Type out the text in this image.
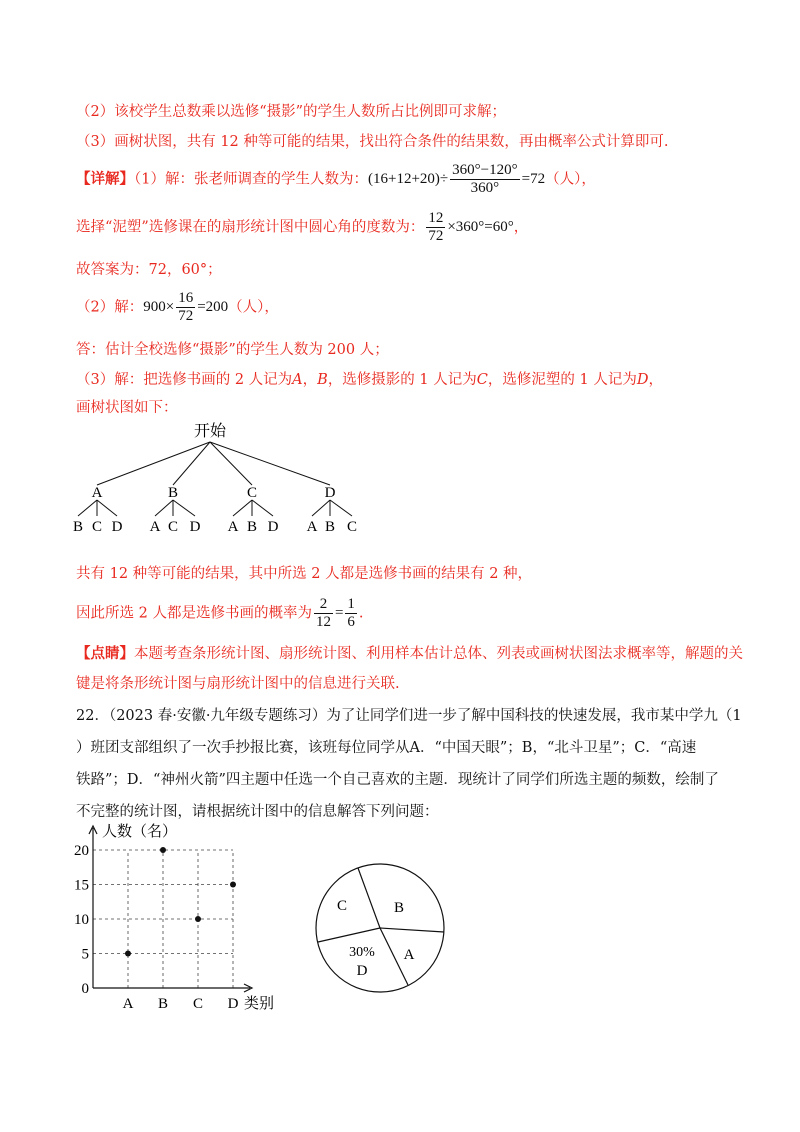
（2）该校学生总数乘以选修“摄影”的学生人数所占比例即可求解；
（3）画树状图，共有 12 种等可能的结果，找出符合条件的结果数，再由概率公式计算即可.
【详解】（1）解：张老师调查的学生人数为： $(16+12+20)\div \frac{360^\circ-120^\circ}{360^\circ} =72$ （人），
选择“泥塑”选修课在的扇形统计图中圆心角的度数为： $\frac{12}{72} \times 360^\circ=60^\circ$ ，
故答案为：72，60°；
（2）解： $900\times \frac{16}{72} =200$ （人），
答：估计全校选修“摄影”的学生人数为 200 人；
（3）解：把选修书画的 2 人记为A，B，选修摄影的 1 人记为C，选修泥塑的 1 人记为D，
画树状图如下：
开始
A	B	C	D
B C D A C D A B D A B C
共有 12 种等可能的结果，其中所选 2 人都是选修书画的结果有 2 种，
因此所选 2 人都是选修书画的概率为 $\frac{2}{12} = \frac{1}{6}$ .
【点睛】本题考查条形统计图、扇形统计图、利用样本估计总体、列表或画树状图法求概率等，解题的关
键是将条形统计图与扇形统计图中的信息进行关联.
22．（2023 春·安徽·九年级专题练习）为了让同学们进一步了解中国科技的快速发展，我市某中学九（1
）班团支部组织了一次手抄报比赛，该班每位同学从A．“中国天眼”；B，“北斗卫星”；C．“高速
铁路”；D．“神州火箭”四主题中任选一个自己喜欢的主题．现统计了同学们所选主题的频数，绘制了
不完整的统计图，请根据统计图中的信息解答下列问题：
0
5
10
15
20
A B C D
人数（名）
类别
B
A
30%
D
C
